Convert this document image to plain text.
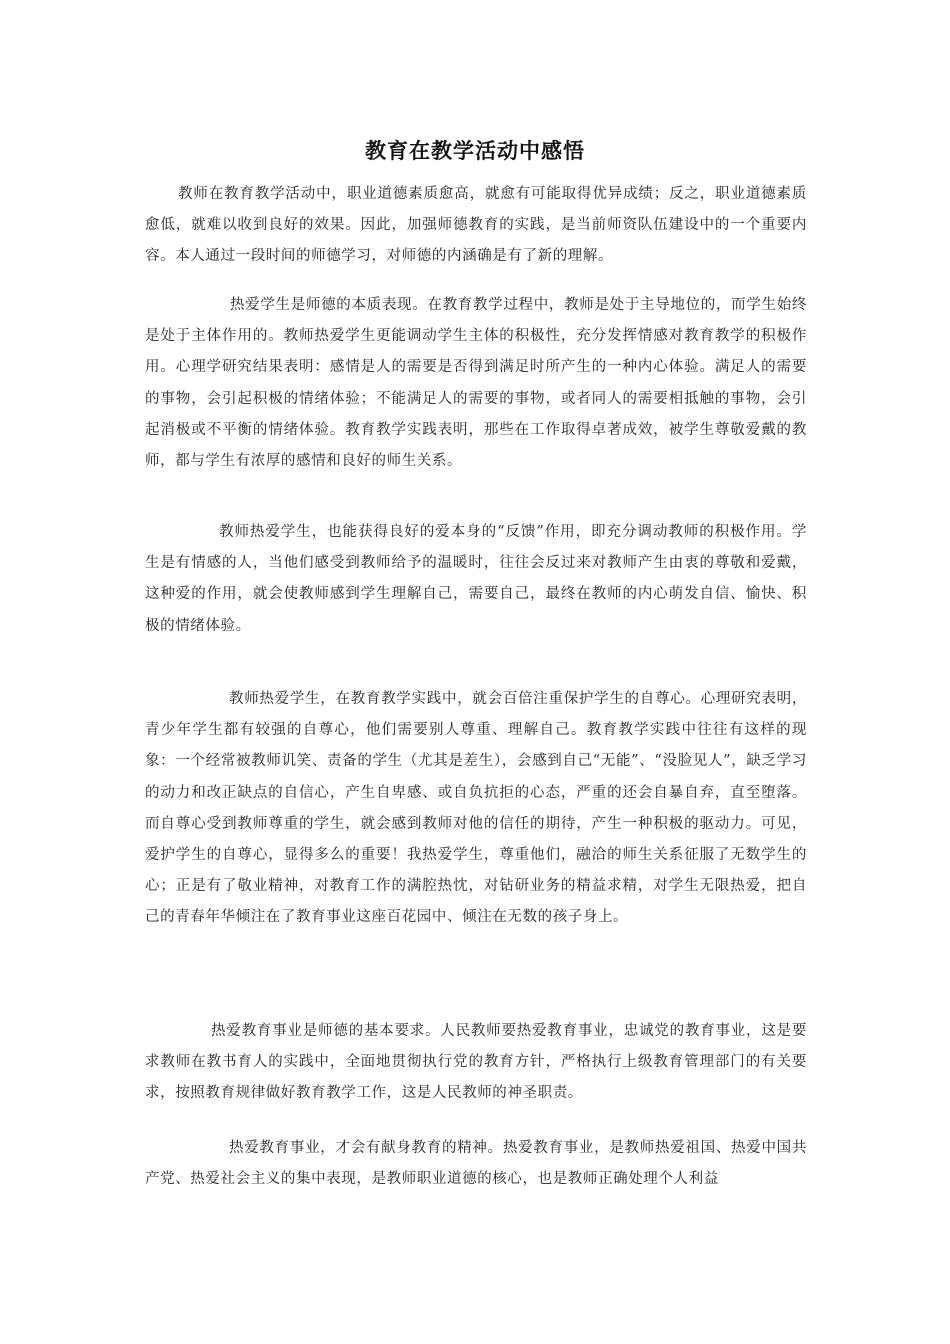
教育在教学活动中感悟

教师在教育教学活动中，职业道德素质愈高，就愈有可能取得优异成绩；反之，职业道德素质愈低，就难以收到良好的效果。因此，加强师德教育的实践，是当前师资队伍建设中的一个重要内容。本人通过一段时间的师德学习，对师德的内涵确是有了新的理解。

热爱学生是师德的本质表现。在教育教学过程中，教师是处于主导地位的，而学生始终是处于主体作用的。教师热爱学生更能调动学生主体的积极性，充分发挥情感对教育教学的积极作用。心理学研究结果表明：感情是人的需要是否得到满足时所产生的一种内心体验。满足人的需要的事物，会引起积极的情绪体验；不能满足人的需要的事物，或者同人的需要相抵触的事物，会引起消极或不平衡的情绪体验。教育教学实践表明，那些在工作取得卓著成效，被学生尊敬爱戴的教师，都与学生有浓厚的感情和良好的师生关系。

教师热爱学生，也能获得良好的爱本身的“反馈”作用，即充分调动教师的积极作用。学生是有情感的人，当他们感受到教师给予的温暖时，往往会反过来对教师产生由衷的尊敬和爱戴，这种爱的作用，就会使教师感到学生理解自己，需要自己，最终在教师的内心萌发自信、愉快、积极的情绪体验。

教师热爱学生，在教育教学实践中，就会百倍注重保护学生的自尊心。心理研究表明，青少年学生都有较强的自尊心，他们需要别人尊重、理解自己。教育教学实践中往往有这样的现象：一个经常被教师讥笑、责备的学生（尤其是差生），会感到自己“无能”、“没脸见人”，缺乏学习的动力和改正缺点的自信心，产生自卑感、或自负抗拒的心态，严重的还会自暴自弃，直至堕落。而自尊心受到教师尊重的学生，就会感到教师对他的信任的期待，产生一种积极的驱动力。可见，爱护学生的自尊心，显得多么的重要！我热爱学生，尊重他们，融洽的师生关系征服了无数学生的心；正是有了敬业精神，对教育工作的满腔热忱，对钻研业务的精益求精，对学生无限热爱，把自己的青春年华倾注在了教育事业这座百花园中、倾注在无数的孩子身上。

热爱教育事业是师德的基本要求。人民教师要热爱教育事业，忠诚党的教育事业，这是要求教师在教书育人的实践中，全面地贯彻执行党的教育方针，严格执行上级教育管理部门的有关要求，按照教育规律做好教育教学工作，这是人民教师的神圣职责。

热爱教育事业，才会有献身教育的精神。热爱教育事业，是教师热爱祖国、热爱中国共产党、热爱社会主义的集中表现，是教师职业道德的核心，也是教师正确处理个人利益
